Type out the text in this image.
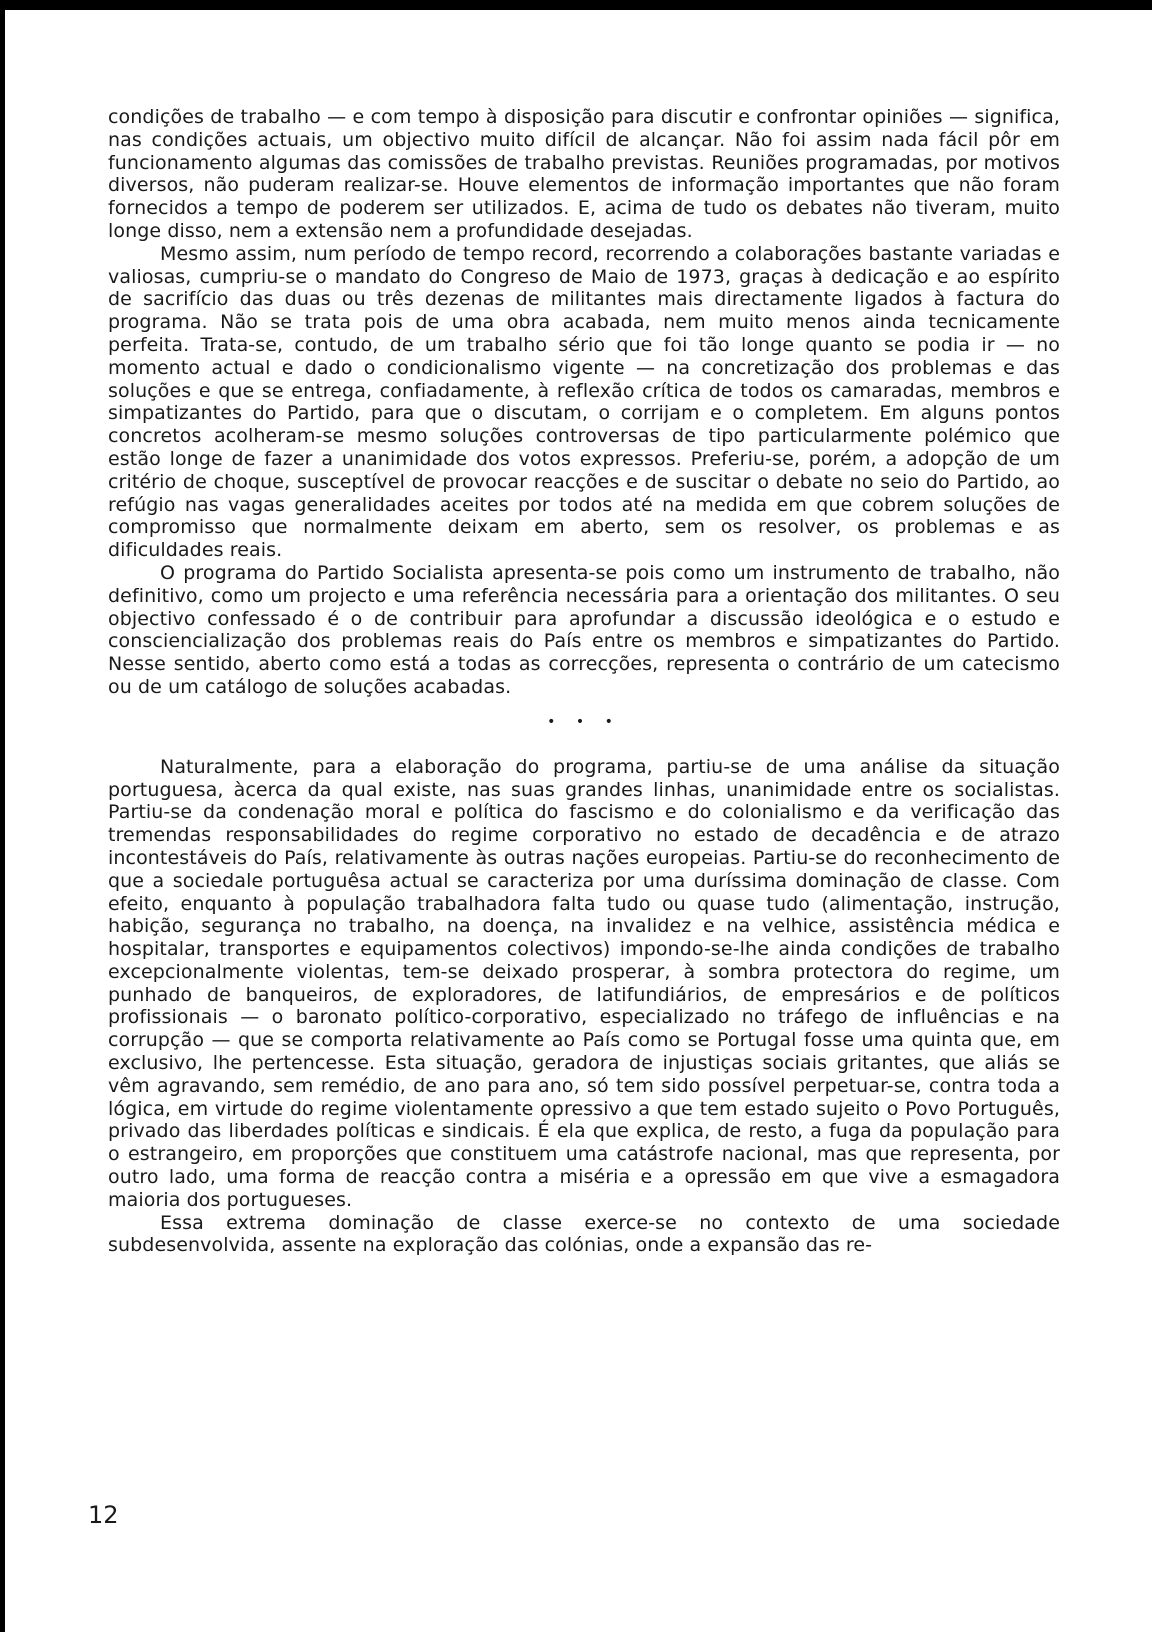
condições de trabalho — e com tempo à disposição para discutir e confrontar opiniões — significa, nas condições actuais, um objectivo muito difícil de alcançar. Não foi assim nada fácil pôr em funcionamento algumas das comissões de trabalho previstas. Reuniões programadas, por motivos diversos, não puderam realizar-se. Houve elementos de informação importantes que não foram fornecidos a tempo de poderem ser utilizados. E, acima de tudo os debates não tiveram, muito longe disso, nem a extensão nem a profundidade desejadas.

Mesmo assim, num período de tempo record, recorrendo a colaborações bastante variadas e valiosas, cumpriu-se o mandato do Congreso de Maio de 1973, graças à dedicação e ao espírito de sacrifício das duas ou três dezenas de militantes mais directamente ligados à factura do programa. Não se trata pois de uma obra acabada, nem muito menos ainda tecnicamente perfeita. Trata-se, contudo, de um trabalho sério que foi tão longe quanto se podia ir — no momento actual e dado o condicionalismo vigente — na concretização dos problemas e das soluções e que se entrega, confiadamente, à reflexão crítica de todos os camaradas, membros e simpatizantes do Partido, para que o discutam, o corrijam e o completem. Em alguns pontos concretos acolheram-se mesmo soluções controversas de tipo particularmente polémico que estão longe de fazer a unanimidade dos votos expressos. Preferiu-se, porém, a adopção de um critério de choque, susceptível de provocar reacções e de suscitar o debate no seio do Partido, ao refúgio nas vagas generalidades aceites por todos até na medida em que cobrem soluções de compromisso que normalmente deixam em aberto, sem os resolver, os problemas e as dificuldades reais.

O programa do Partido Socialista apresenta-se pois como um instrumento de trabalho, não definitivo, como um projecto e uma referência necessária para a orientação dos militantes. O seu objectivo confessado é o de contribuir para aprofundar a discussão ideológica e o estudo e consciencialização dos problemas reais do País entre os membros e simpatizantes do Partido. Nesse sentido, aberto como está a todas as correcções, representa o contrário de um catecismo ou de um catálogo de soluções acabadas.

• • •

Naturalmente, para a elaboração do programa, partiu-se de uma análise da situação portuguesa, àcerca da qual existe, nas suas grandes linhas, unanimidade entre os socialistas. Partiu-se da condenação moral e política do fascismo e do colonialismo e da verificação das tremendas responsabilidades do regime corporativo no estado de decadência e de atrazo incontestáveis do País, relativamente às outras nações europeias. Partiu-se do reconhecimento de que a sociedale portuguêsa actual se caracteriza por uma duríssima dominação de classe. Com efeito, enquanto à população trabalhadora falta tudo ou quase tudo (alimentação, instrução, habição, segurança no trabalho, na doença, na invalidez e na velhice, assistência médica e hospitalar, transportes e equipamentos colectivos) impondo-se-lhe ainda condições de trabalho excepcionalmente violentas, tem-se deixado prosperar, à sombra protectora do regime, um punhado de banqueiros, de exploradores, de latifundiários, de empresários e de políticos profissionais — o baronato político-corporativo, especializado no tráfego de influências e na corrupção — que se comporta relativamente ao País como se Portugal fosse uma quinta que, em exclusivo, lhe pertencesse. Esta situação, geradora de injustiças sociais gritantes, que aliás se vêm agravando, sem remédio, de ano para ano, só tem sido possível perpetuar-se, contra toda a lógica, em virtude do regime violentamente opressivo a que tem estado sujeito o Povo Português, privado das liberdades políticas e sindicais. É ela que explica, de resto, a fuga da população para o estrangeiro, em proporções que constituem uma catástrofe nacional, mas que representa, por outro lado, uma forma de reacção contra a miséria e a opressão em que vive a esmagadora maioria dos portugueses.

Essa extrema dominação de classe exerce-se no contexto de uma sociedade subdesenvolvida, assente na exploração das colónias, onde a expansão das re-

12
